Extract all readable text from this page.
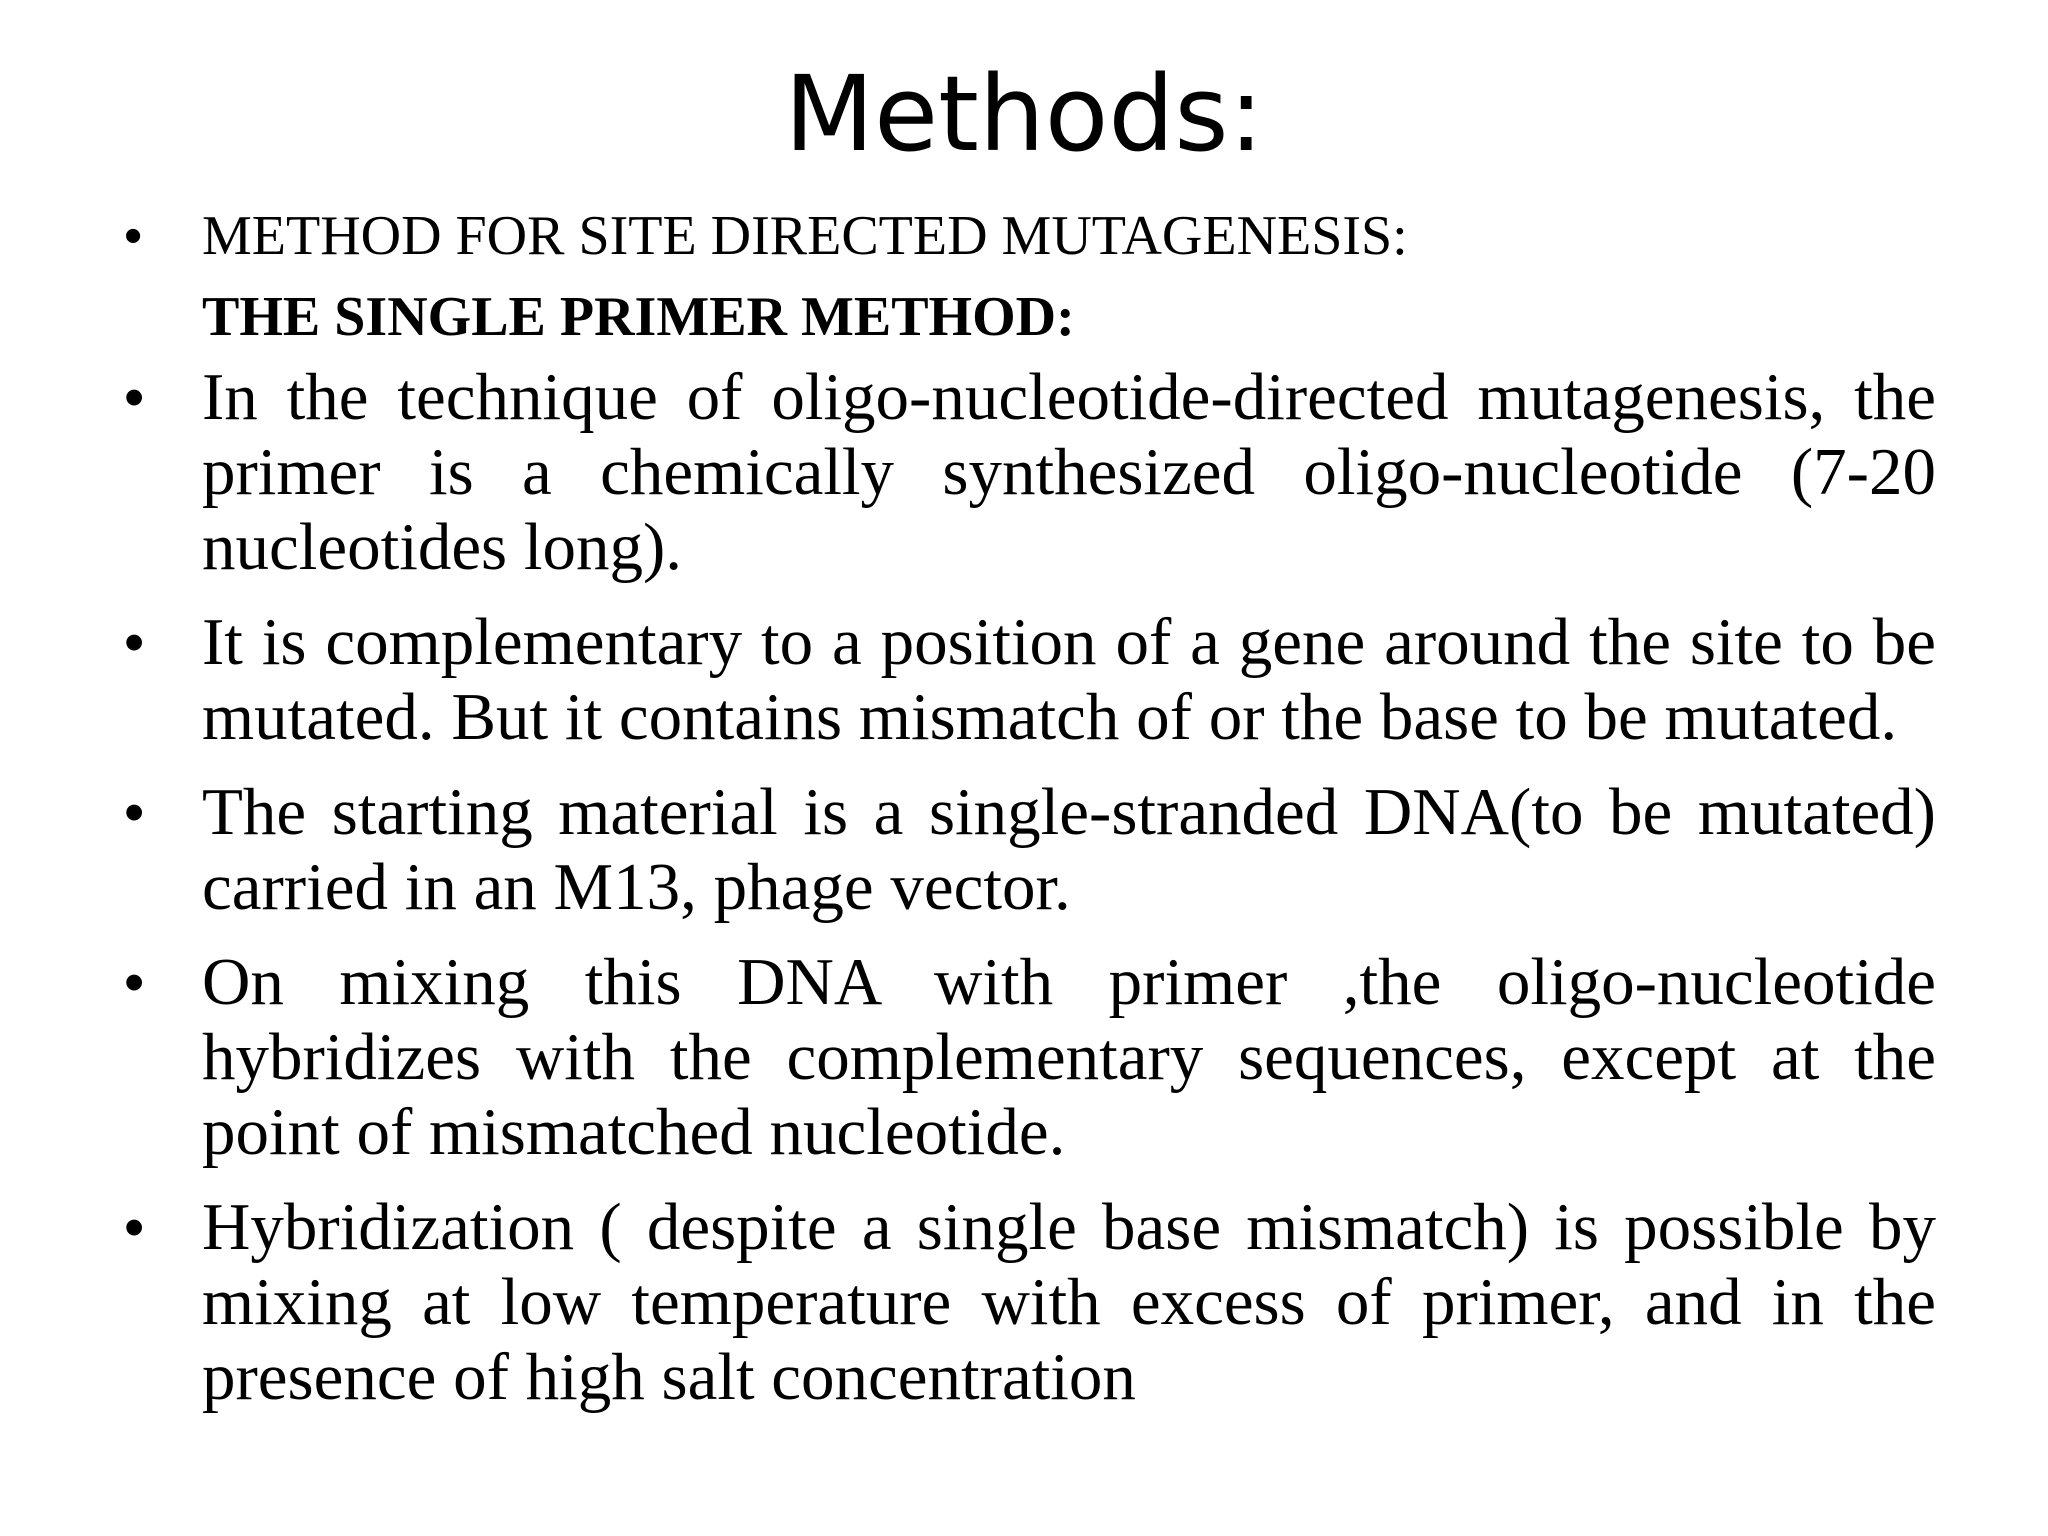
Methods:
• METHOD FOR SITE DIRECTED MUTAGENESIS:
THE SINGLE PRIMER METHOD:
• In the technique of oligo-nucleotide-directed mutagenesis, the primer is a chemically synthesized oligo-nucleotide (7-20 nucleotides long).
• It is complementary to a position of a gene around the site to be mutated. But it contains mismatch of or the base to be mutated.
• The starting material is a single-stranded DNA(to be mutated) carried in an M13, phage vector.
• On mixing this DNA with primer ,the oligo-nucleotide hybridizes with the complementary sequences, except at the point of mismatched nucleotide.
• Hybridization ( despite a single base mismatch) is possible by mixing at low temperature with excess of primer, and in the presence of high salt concentration
